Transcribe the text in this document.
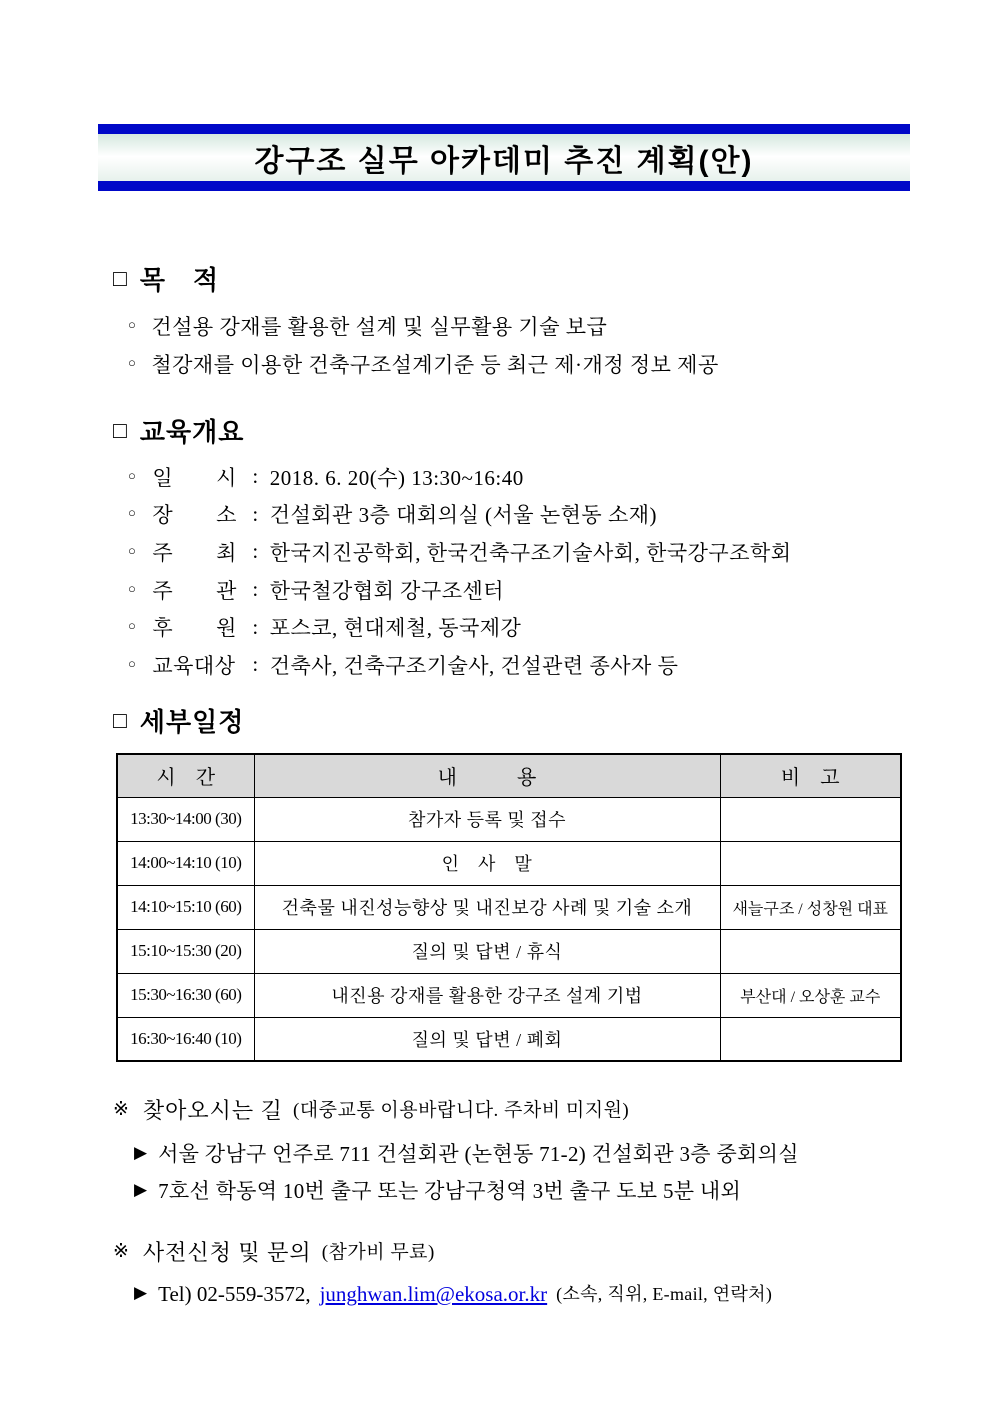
강구조 실무 아카데미 추진 계획(안)
□ 목　적
○ 건설용 강재를 활용한 설계 및 실무활용 기술 보급
○ 철강재를 이용한 건축구조설계기준 등 최근 제·개정 정보 제공
□ 교육개요
○ 일　　시 : 2018. 6. 20(수) 13:30~16:40
○ 장　　소 : 건설회관 3층 대회의실 (서울 논현동 소재)
○ 주　　최 : 한국지진공학회, 한국건축구조기술사회, 한국강구조학회
○ 주　　관 : 한국철강협회 강구조센터
○ 후　　원 : 포스코, 현대제철, 동국제강
○ 교육대상 : 건축사, 건축구조기술사, 건설관련 종사자 등
□ 세부일정
시　간	내　　　용	비　고
13:30~14:00 (30)	참가자 등록 및 접수	
14:00~14:10 (10)	인　사　말	
14:10~15:10 (60)	건축물 내진성능향상 및 내진보강 사례 및 기술 소개	새늘구조 / 성창원 대표
15:10~15:30 (20)	질의 및 답변 / 휴식	
15:30~16:30 (60)	내진용 강재를 활용한 강구조 설계 기법	부산대 / 오상훈 교수
16:30~16:40 (10)	질의 및 답변 / 폐회	
※ 찾아오시는 길 (대중교통 이용바랍니다. 주차비 미지원)
▶ 서울 강남구 언주로 711 건설회관 (논현동 71-2) 건설회관 3층 중회의실
▶ 7호선 학동역 10번 출구 또는 강남구청역 3번 출구 도보 5분 내외
※ 사전신청 및 문의 (참가비 무료)
▶ Tel) 02-559-3572, junghwan.lim@ekosa.or.kr (소속, 직위, E-mail, 연락처)
